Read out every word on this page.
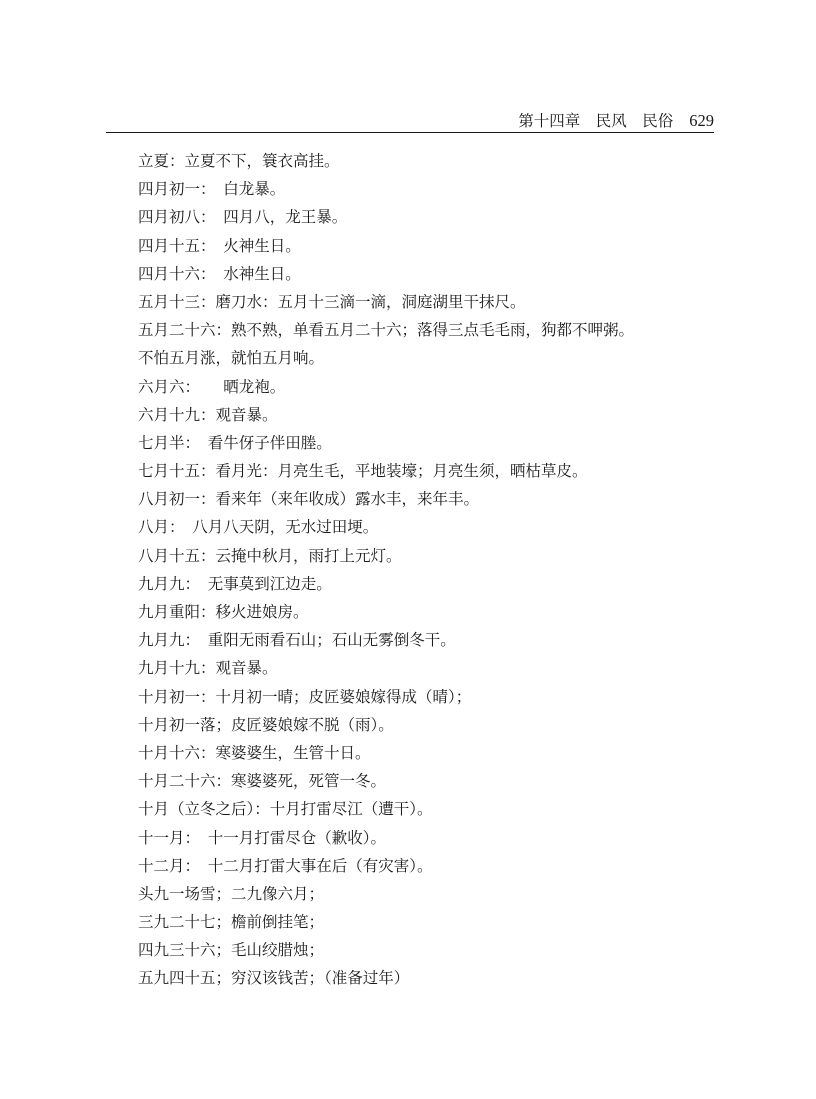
第十四章　民风　民俗 629
立夏：立夏不下，簑衣高挂。
四月初一：　白龙暴。
四月初八：　四月八，龙王暴。
四月十五：　火神生日。
四月十六：　水神生日。
五月十三：磨刀水：五月十三滴一滴，洞庭湖里干抹尺。
五月二十六：熟不熟，单看五月二十六；落得三点毛毛雨，狗都不呷粥。
不怕五月涨，就怕五月响。
六月六：　　晒龙袍。
六月十九：观音暴。
七月半：　看牛伢子伴田塍。
七月十五：看月光：月亮生毛，平地装壕；月亮生须，晒枯草皮。
八月初一：看来年（来年收成）露水丰，来年丰。
八月：　八月八天阴，无水过田埂。
八月十五：云掩中秋月，雨打上元灯。
九月九：　无事莫到江边走。
九月重阳：移火进娘房。
九月九：　重阳无雨看石山；石山无雾倒冬干。
九月十九：观音暴。
十月初一：十月初一晴；皮匠婆娘嫁得成（晴）；
十月初一落；皮匠婆娘嫁不脱（雨）。
十月十六：寒婆婆生，生管十日。
十月二十六：寒婆婆死，死管一冬。
十月（立冬之后）：十月打雷尽江（遭干）。
十一月：　十一月打雷尽仓（歉收）。
十二月：　十二月打雷大事在后（有灾害）。
头九一场雪；二九像六月；
三九二十七；檐前倒挂笔；
四九三十六；毛山绞腊烛；
五九四十五；穷汉该钱苦；（准备过年）
